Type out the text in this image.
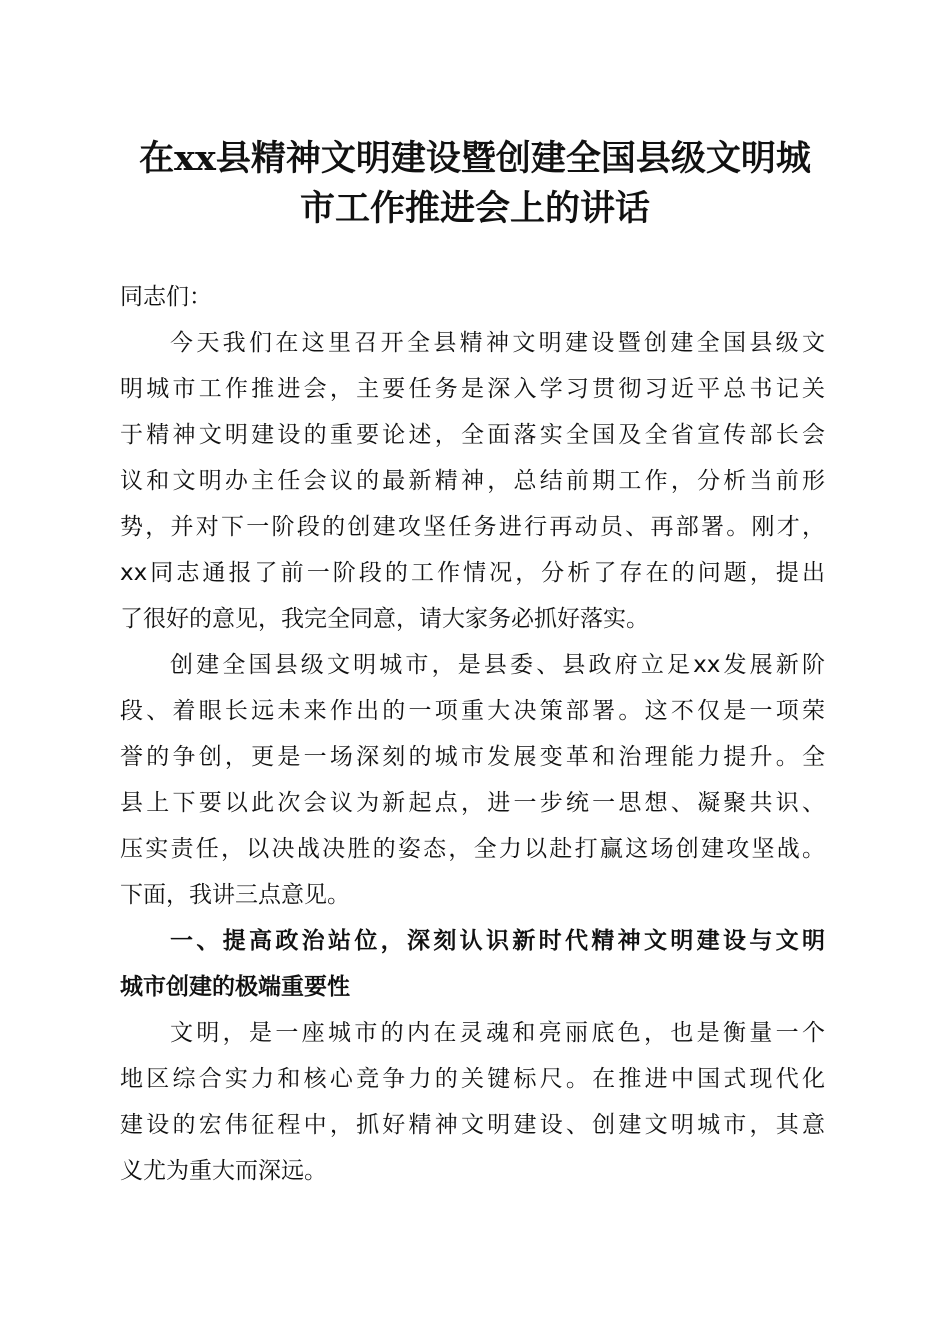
在xx县精神文明建设暨创建全国县级文明城
市工作推进会上的讲话
同志们：
今天我们在这里召开全县精神文明建设暨创建全国县级文
明城市工作推进会，主要任务是深入学习贯彻习近平总书记关
于精神文明建设的重要论述，全面落实全国及全省宣传部长会
议和文明办主任会议的最新精神，总结前期工作，分析当前形
势，并对下一阶段的创建攻坚任务进行再动员、再部署。刚才，
xx同志通报了前一阶段的工作情况，分析了存在的问题，提出
了很好的意见，我完全同意，请大家务必抓好落实。
创建全国县级文明城市，是县委、县政府立足xx发展新阶
段、着眼长远未来作出的一项重大决策部署。这不仅是一项荣
誉的争创，更是一场深刻的城市发展变革和治理能力提升。全
县上下要以此次会议为新起点，进一步统一思想、凝聚共识、
压实责任，以决战决胜的姿态，全力以赴打赢这场创建攻坚战。
下面，我讲三点意见。
一、提高政治站位，深刻认识新时代精神文明建设与文明
城市创建的极端重要性
文明，是一座城市的内在灵魂和亮丽底色，也是衡量一个
地区综合实力和核心竞争力的关键标尺。在推进中国式现代化
建设的宏伟征程中，抓好精神文明建设、创建文明城市，其意
义尤为重大而深远。
